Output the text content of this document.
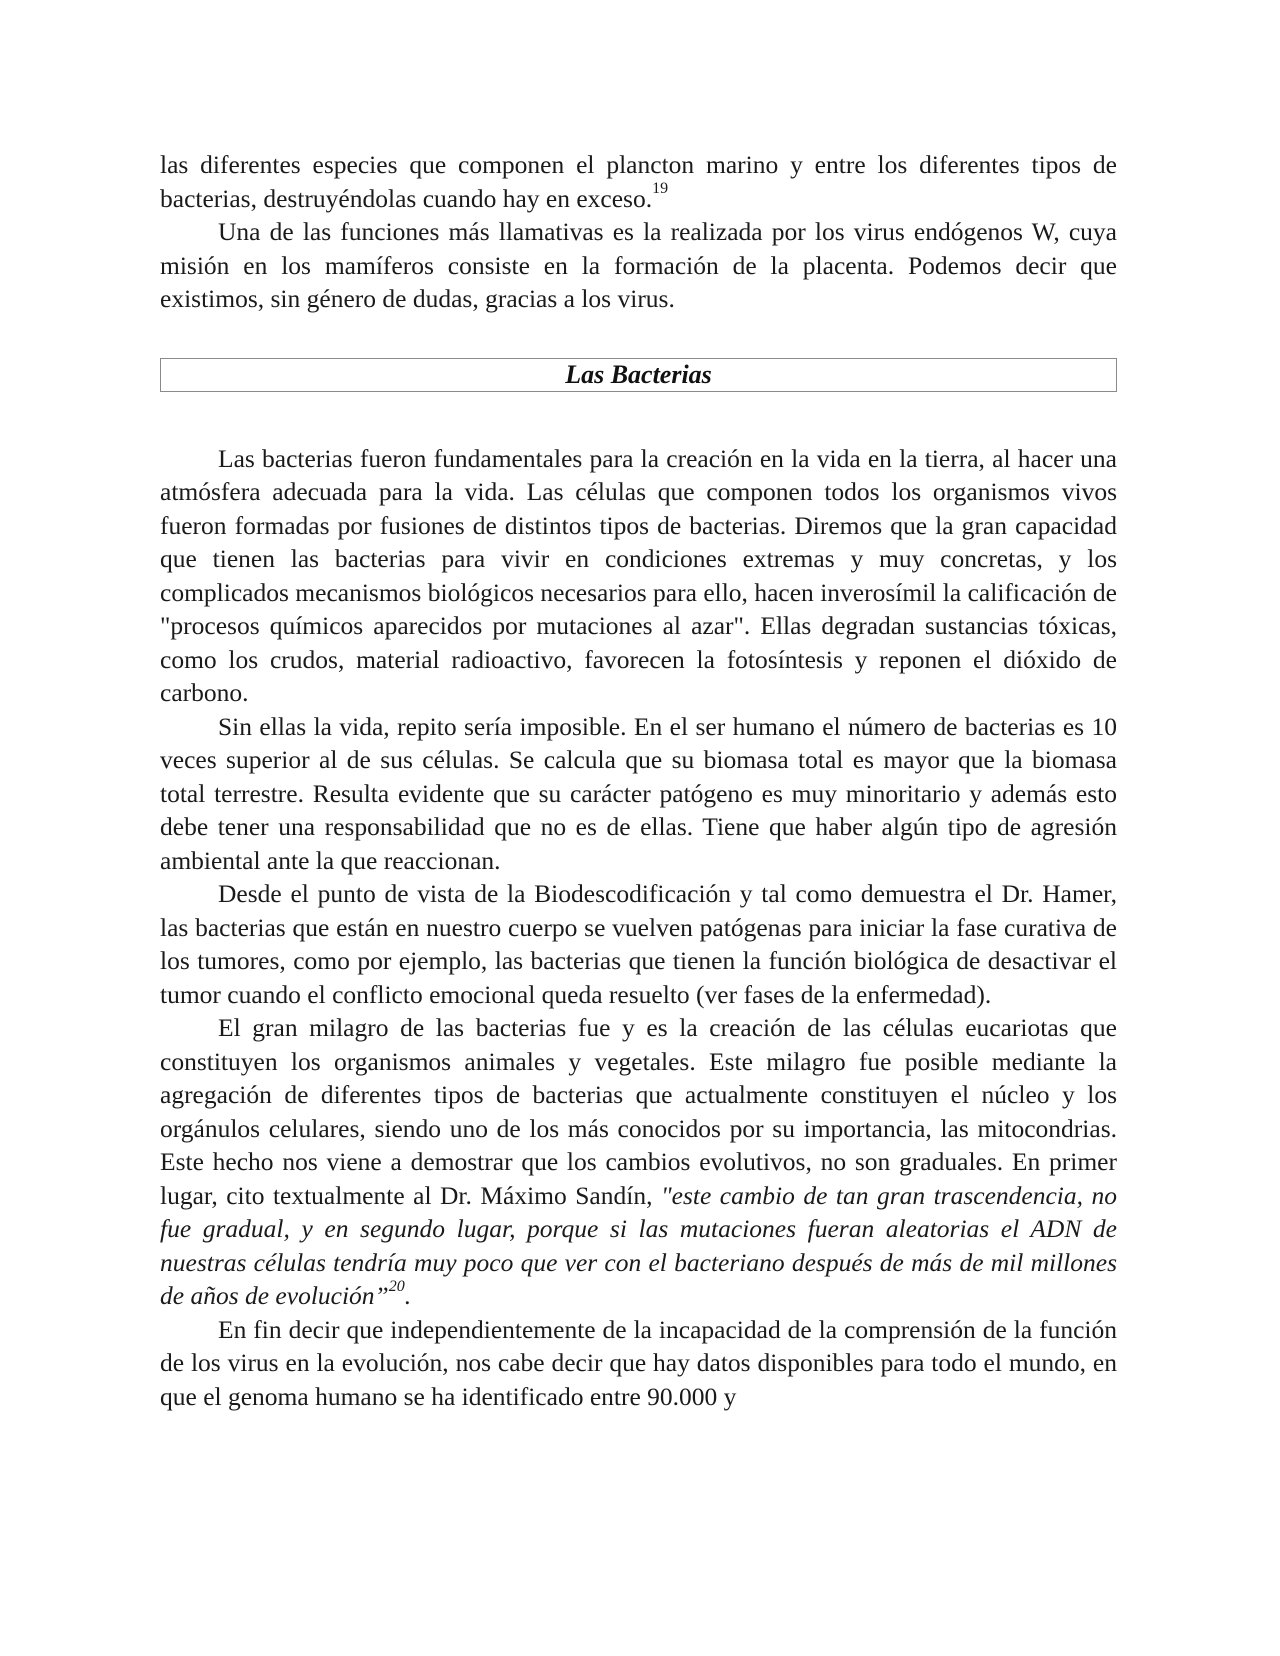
las diferentes especies que componen el plancton marino y entre los diferentes tipos de bacterias, destruyéndolas cuando hay en exceso.$^{19}$

Una de las funciones más llamativas es la realizada por los virus endógenos W, cuya misión en los mamíferos consiste en la formación de la placenta. Podemos decir que existimos, sin género de dudas, gracias a los virus.

Las Bacterias

Las bacterias fueron fundamentales para la creación en la vida en la tierra, al hacer una atmósfera adecuada para la vida. Las células que componen todos los organismos vivos fueron formadas por fusiones de distintos tipos de bacterias. Diremos que la gran capacidad que tienen las bacterias para vivir en condiciones extremas y muy concretas, y los complicados mecanismos biológicos necesarios para ello, hacen inverosímil la calificación de "procesos químicos aparecidos por mutaciones al azar". Ellas degradan sustancias tóxicas, como los crudos, material radioactivo, favorecen la fotosíntesis y reponen el dióxido de carbono.

Sin ellas la vida, repito sería imposible. En el ser humano el número de bacterias es 10 veces superior al de sus células. Se calcula que su biomasa total es mayor que la biomasa total terrestre. Resulta evidente que su carácter patógeno es muy minoritario y además esto debe tener una responsabilidad que no es de ellas. Tiene que haber algún tipo de agresión ambiental ante la que reaccionan.

Desde el punto de vista de la Biodescodificación y tal como demuestra el Dr. Hamer, las bacterias que están en nuestro cuerpo se vuelven patógenas para iniciar la fase curativa de los tumores, como por ejemplo, las bacterias que tienen la función biológica de desactivar el tumor cuando el conflicto emocional queda resuelto (ver fases de la enfermedad).

El gran milagro de las bacterias fue y es la creación de las células eucariotas que constituyen los organismos animales y vegetales. Este milagro fue posible mediante la agregación de diferentes tipos de bacterias que actualmente constituyen el núcleo y los orgánulos celulares, siendo uno de los más conocidos por su importancia, las mitocondrias. Este hecho nos viene a demostrar que los cambios evolutivos, no son graduales. En primer lugar, cito textualmente al Dr. Máximo Sandín, "este cambio de tan gran trascendencia, no fue gradual, y en segundo lugar, porque si las mutaciones fueran aleatorias el ADN de nuestras células tendría muy poco que ver con el bacteriano después de más de mil millones de años de evolución”$^{20}$.

En fin decir que independientemente de la incapacidad de la comprensión de la función de los virus en la evolución, nos cabe decir que hay datos disponibles para todo el mundo, en que el genoma humano se ha identificado entre 90.000 y
